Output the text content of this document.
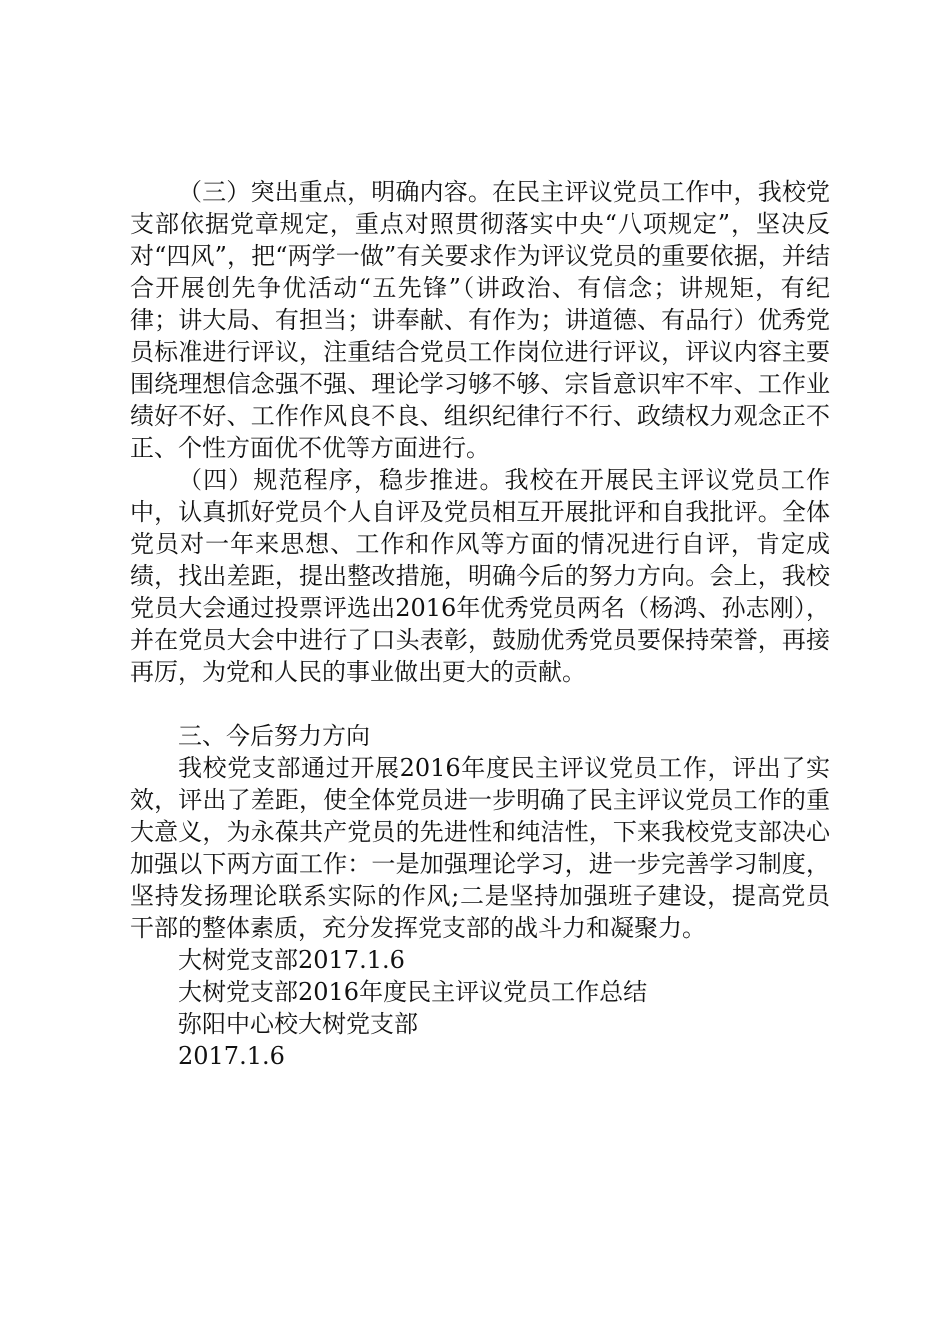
（三）突出重点，明确内容。在民主评议党员工作中，我校党支部依据党章规定，重点对照贯彻落实中央“八项规定”，坚决反对“四风”，把“两学一做”有关要求作为评议党员的重要依据，并结合开展创先争优活动“五先锋”（讲政治、有信念；讲规矩，有纪律；讲大局、有担当；讲奉献、有作为；讲道德、有品行）优秀党员标准进行评议，注重结合党员工作岗位进行评议，评议内容主要围绕理想信念强不强、理论学习够不够、宗旨意识牢不牢、工作业绩好不好、工作作风良不良、组织纪律行不行、政绩权力观念正不正、个性方面优不优等方面进行。

（四）规范程序，稳步推进。我校在开展民主评议党员工作中，认真抓好党员个人自评及党员相互开展批评和自我批评。全体党员对一年来思想、工作和作风等方面的情况进行自评，肯定成绩，找出差距，提出整改措施，明确今后的努力方向。会上，我校党员大会通过投票评选出2016年优秀党员两名（杨鸿、孙志刚），并在党员大会中进行了口头表彰，鼓励优秀党员要保持荣誉，再接再厉，为党和人民的事业做出更大的贡献。

三、今后努力方向

我校党支部通过开展2016年度民主评议党员工作，评出了实效，评出了差距，使全体党员进一步明确了民主评议党员工作的重大意义，为永葆共产党员的先进性和纯洁性，下来我校党支部决心加强以下两方面工作：一是加强理论学习，进一步完善学习制度，坚持发扬理论联系实际的作风;二是坚持加强班子建设，提高党员干部的整体素质，充分发挥党支部的战斗力和凝聚力。

大树党支部2017.1.6

大树党支部2016年度民主评议党员工作总结

弥阳中心校大树党支部

2017.1.6
